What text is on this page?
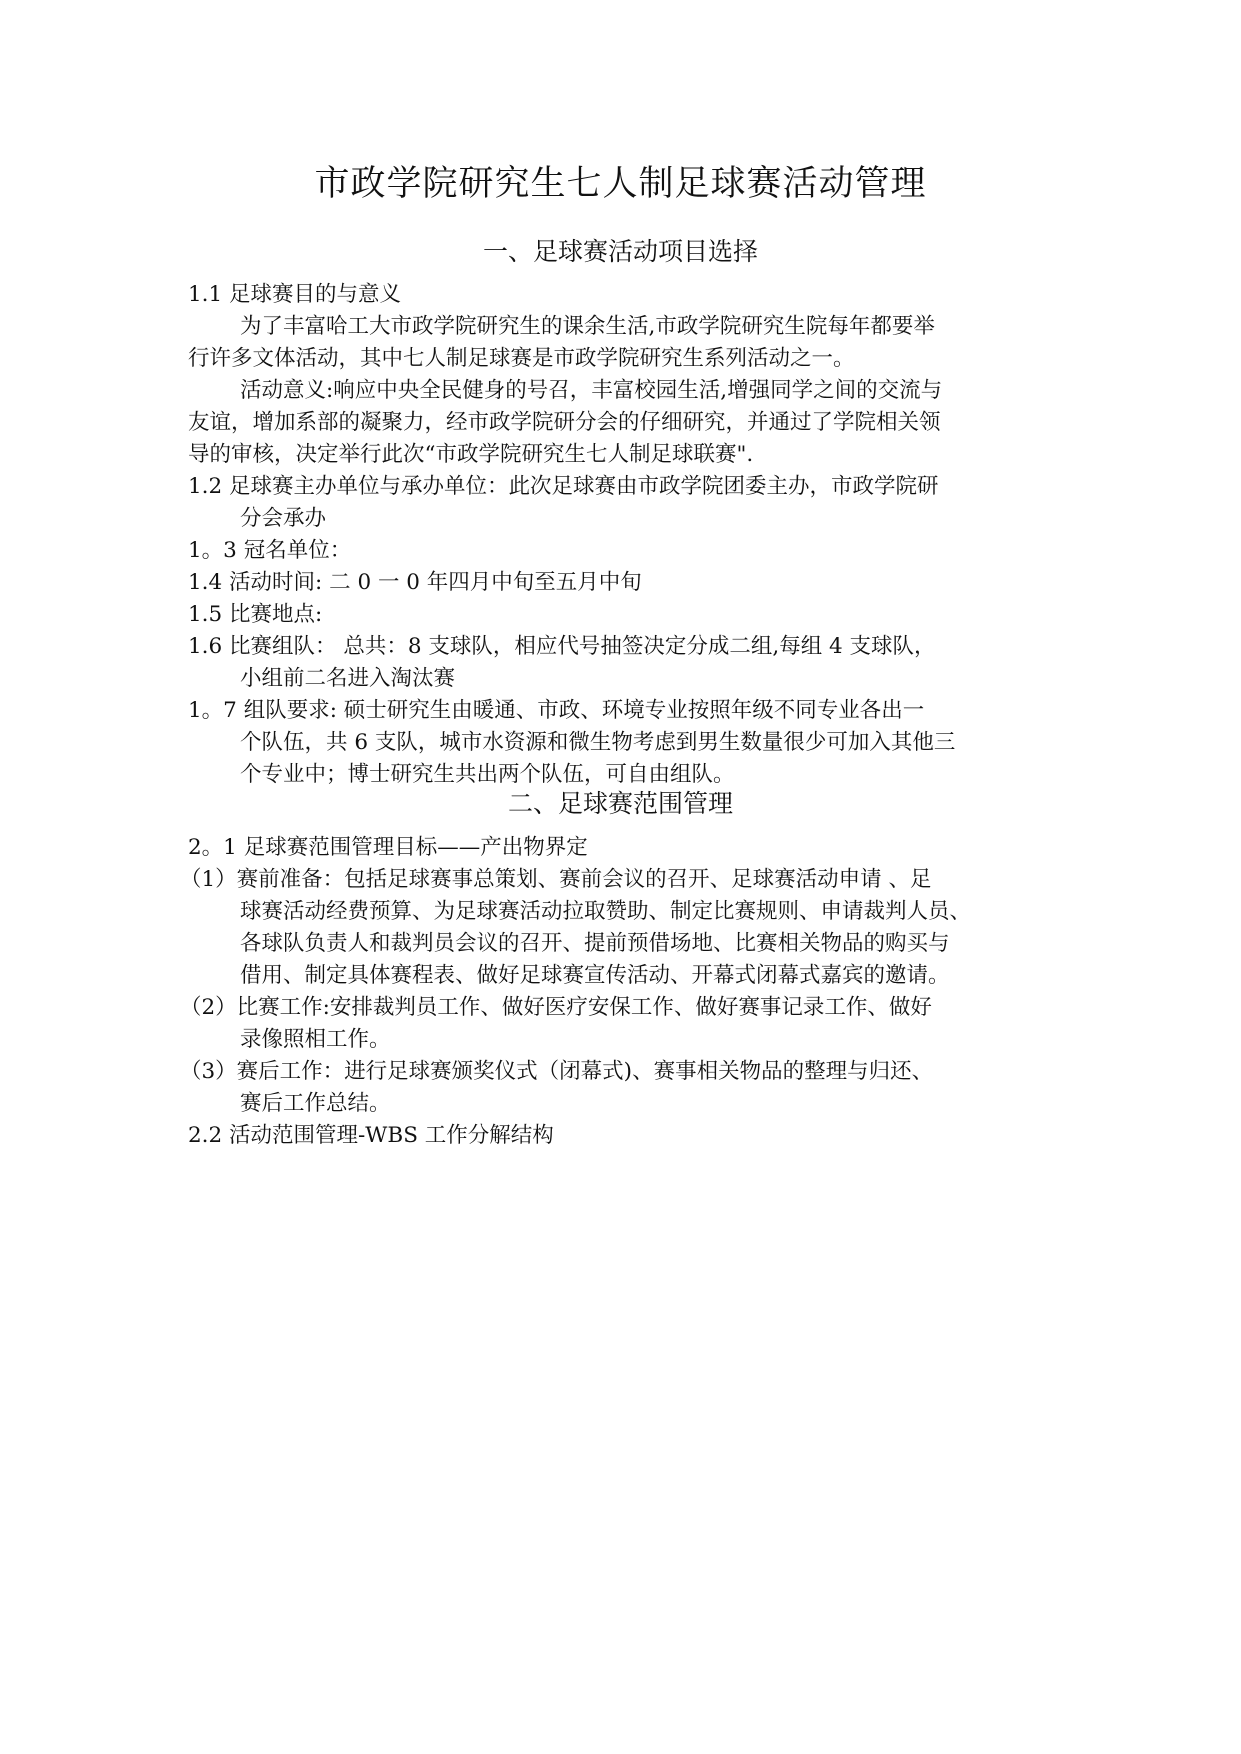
市政学院研究生七人制足球赛活动管理
一、足球赛活动项目选择
1.1 足球赛目的与意义
为了丰富哈工大市政学院研究生的课余生活,市政学院研究生院每年都要举
行许多文体活动，其中七人制足球赛是市政学院研究生系列活动之一。
活动意义:响应中央全民健身的号召，丰富校园生活,增强同学之间的交流与
友谊，增加系部的凝聚力，经市政学院研分会的仔细研究，并通过了学院相关领
导的审核，决定举行此次“市政学院研究生七人制足球联赛".
1.2 足球赛主办单位与承办单位：此次足球赛由市政学院团委主办，市政学院研
分会承办
1。3 冠名单位：
1.4 活动时间: 二 0 一 0 年四月中旬至五月中旬
1.5 比赛地点:
1.6 比赛组队： 总共：8 支球队，相应代号抽签决定分成二组,每组 4 支球队，
小组前二名进入淘汰赛
1。7 组队要求: 硕士研究生由暖通、市政、环境专业按照年级不同专业各出一
个队伍，共 6 支队，城市水资源和微生物考虑到男生数量很少可加入其他三
个专业中；博士研究生共出两个队伍，可自由组队。
二、足球赛范围管理
2。1 足球赛范围管理目标——产出物界定
（1）赛前准备：包括足球赛事总策划、赛前会议的召开、足球赛活动申请 、足
球赛活动经费预算、为足球赛活动拉取赞助、制定比赛规则、申请裁判人员、
各球队负责人和裁判员会议的召开、提前预借场地、比赛相关物品的购买与
借用、制定具体赛程表、做好足球赛宣传活动、开幕式闭幕式嘉宾的邀请。
（2）比赛工作:安排裁判员工作、做好医疗安保工作、做好赛事记录工作、做好
录像照相工作。
（3）赛后工作：进行足球赛颁奖仪式（闭幕式)、赛事相关物品的整理与归还、
赛后工作总结。
2.2 活动范围管理-WBS 工作分解结构
